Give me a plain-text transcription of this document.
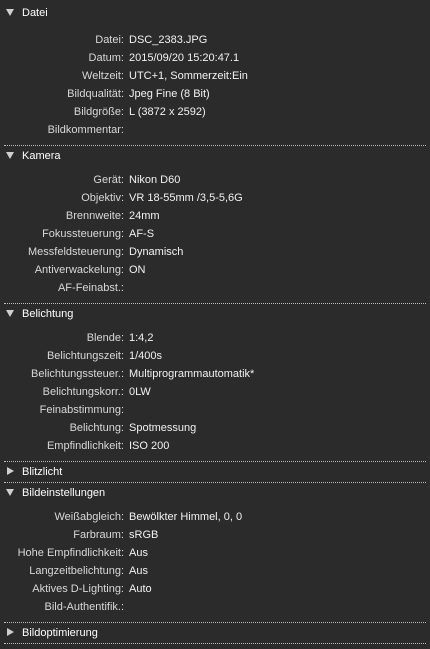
Datei
Datei: DSC_2383.JPG
Datum: 2015/09/20 15:20:47.1
Weltzeit: UTC+1, Sommerzeit:Ein
Bildqualität: Jpeg Fine (8 Bit)
Bildgröße: L (3872 x 2592)
Bildkommentar:
Kamera
Gerät: Nikon D60
Objektiv: VR 18-55mm /3,5-5,6G
Brennweite: 24mm
Fokussteuerung: AF-S
Messfeldsteuerung: Dynamisch
Antiverwackelung: ON
AF-Feinabst.:
Belichtung
Blende: 1:4,2
Belichtungszeit: 1/400s
Belichtungssteuer.: Multiprogrammautomatik*
Belichtungskorr.: 0LW
Feinabstimmung:
Belichtung: Spotmessung
Empfindlichkeit: ISO 200
Blitzlicht
Bildeinstellungen
Weißabgleich: Bewölkter Himmel, 0, 0
Farbraum: sRGB
Hohe Empfindlichkeit: Aus
Langzeitbelichtung: Aus
Aktives D-Lighting: Auto
Bild-Authentifik.:
Bildoptimierung
